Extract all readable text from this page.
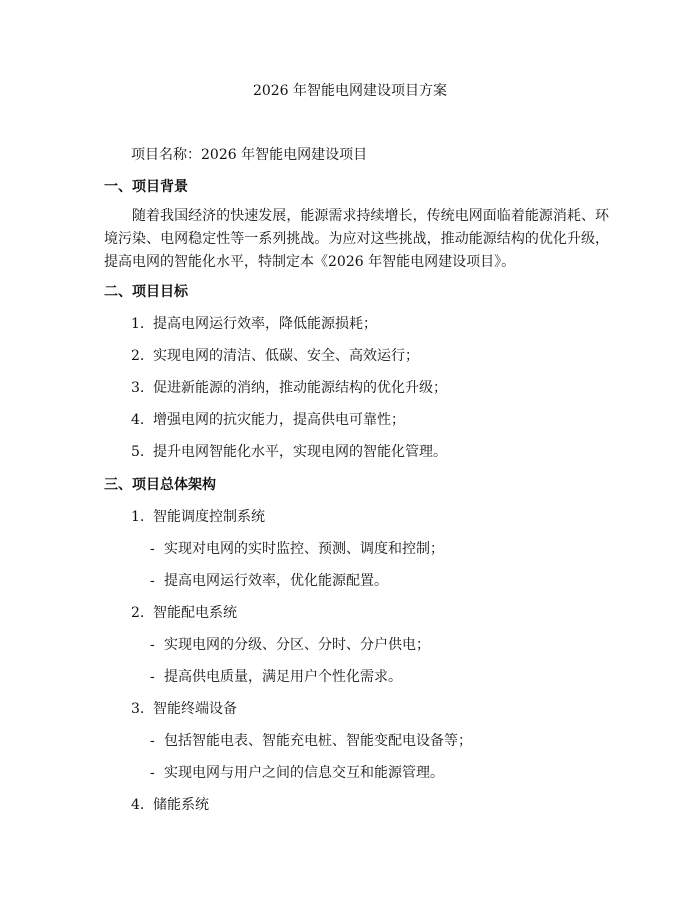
2026 年智能电网建设项目方案
项目名称：2026 年智能电网建设项目
一、项目背景
随着我国经济的快速发展，能源需求持续增长，传统电网面临着能源消耗、环境污染、电网稳定性等一系列挑战。为应对这些挑战，推动能源结构的优化升级，提高电网的智能化水平，特制定本《2026 年智能电网建设项目》。
二、项目目标
1. 提高电网运行效率，降低能源损耗；
2. 实现电网的清洁、低碳、安全、高效运行；
3. 促进新能源的消纳，推动能源结构的优化升级；
4. 增强电网的抗灾能力，提高供电可靠性；
5. 提升电网智能化水平，实现电网的智能化管理。
三、项目总体架构
1. 智能调度控制系统
- 实现对电网的实时监控、预测、调度和控制；
- 提高电网运行效率，优化能源配置。
2. 智能配电系统
- 实现电网的分级、分区、分时、分户供电；
- 提高供电质量，满足用户个性化需求。
3. 智能终端设备
- 包括智能电表、智能充电桩、智能变配电设备等；
- 实现电网与用户之间的信息交互和能源管理。
4. 储能系统
